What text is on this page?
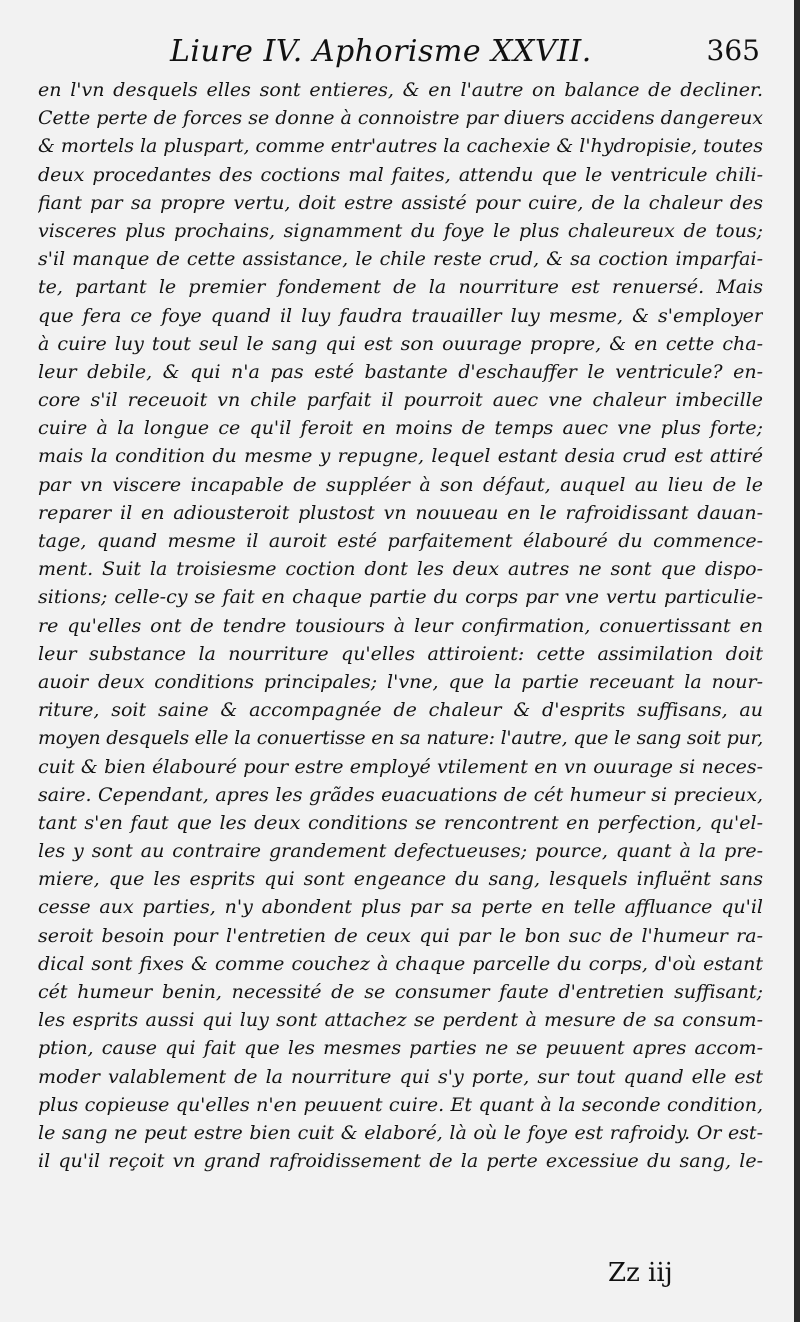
Liure IV. Aphorisme XXVII.	365
en l'vn desquels elles sont entieres, & en l'autre on balance de decliner.
Cette perte de forces se donne à connoistre par diuers accidens dangereux
& mortels la pluspart, comme entr'autres la cachexie & l'hydropisie, toutes
deux procedantes des coctions mal faites, attendu que le ventricule chili-
fiant par sa propre vertu, doit estre assisté pour cuire, de la chaleur des
visceres plus prochains, signamment du foye le plus chaleureux de tous;
s'il manque de cette assistance, le chile reste crud, & sa coction imparfai-
te, partant le premier fondement de la nourriture est renuersé. Mais
que fera ce foye quand il luy faudra trauailler luy mesme, & s'employer
à cuire luy tout seul le sang qui est son ouurage propre, & en cette cha-
leur debile, & qui n'a pas esté bastante d'eschauffer le ventricule? en-
core s'il receuoit vn chile parfait il pourroit auec vne chaleur imbecille
cuire à la longue ce qu'il feroit en moins de temps auec vne plus forte;
mais la condition du mesme y repugne, lequel estant desia crud est attiré
par vn viscere incapable de suppléer à son défaut, auquel au lieu de le
reparer il en adiousteroit plustost vn nouueau en le rafroidissant dauan-
tage, quand mesme il auroit esté parfaitement élabouré du commence-
ment. Suit la troisiesme coction dont les deux autres ne sont que dispo-
sitions; celle-cy se fait en chaque partie du corps par vne vertu particulie-
re qu'elles ont de tendre tousiours à leur confirmation, conuertissant en
leur substance la nourriture qu'elles attiroient: cette assimilation doit
auoir deux conditions principales; l'vne, que la partie receuant la nour-
riture, soit saine & accompagnée de chaleur & d'esprits suffisans, au
moyen desquels elle la conuertisse en sa nature: l'autre, que le sang soit pur,
cuit & bien élabouré pour estre employé vtilement en vn ouurage si neces-
saire. Cependant, apres les grãdes euacuations de cét humeur si precieux,
tant s'en faut que les deux conditions se rencontrent en perfection, qu'el-
les y sont au contraire grandement defectueuses; pource, quant à la pre-
miere, que les esprits qui sont engeance du sang, lesquels influënt sans
cesse aux parties, n'y abondent plus par sa perte en telle affluance qu'il
seroit besoin pour l'entretien de ceux qui par le bon suc de l'humeur ra-
dical sont fixes & comme couchez à chaque parcelle du corps, d'où estant
cét humeur benin, necessité de se consumer faute d'entretien suffisant;
les esprits aussi qui luy sont attachez se perdent à mesure de sa consum-
ption, cause qui fait que les mesmes parties ne se peuuent apres accom-
moder valablement de la nourriture qui s'y porte, sur tout quand elle est
plus copieuse qu'elles n'en peuuent cuire. Et quant à la seconde condition,
le sang ne peut estre bien cuit & elaboré, là où le foye est rafroidy. Or est-
il qu'il reçoit vn grand rafroidissement de la perte excessiue du sang, le-
Zz iij
